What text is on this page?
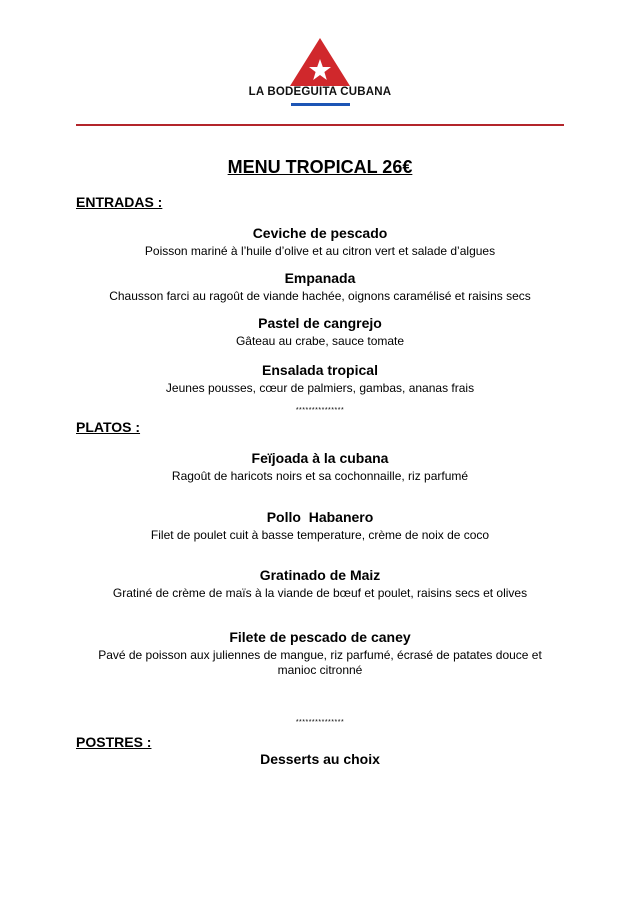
LA BODEGUITA CUBANA
MENU TROPICAL 26€
ENTRADAS :
Ceviche de pescado
Poisson mariné à l’huile d’olive et au citron vert et salade d’algues
Empanada
Chausson farci au ragoût de viande hachée, oignons caramélisé et raisins secs
Pastel de cangrejo
Gâteau au crabe, sauce tomate
Ensalada tropical
Jeunes pousses, cœur de palmiers, gambas, ananas frais
***************
PLATOS :
Feïjoada à la cubana
Ragoût de haricots noirs et sa cochonnaille, riz parfumé
Pollo  Habanero
Filet de poulet cuit à basse temperature, crème de noix de coco
Gratinado de Maiz
Gratiné de crème de maïs à la viande de bœuf et poulet, raisins secs et olives
Filete de pescado de caney
Pavé de poisson aux juliennes de mangue, riz parfumé, écrasé de patates douce et
manioc citronné
***************
POSTRES :
Desserts au choix
